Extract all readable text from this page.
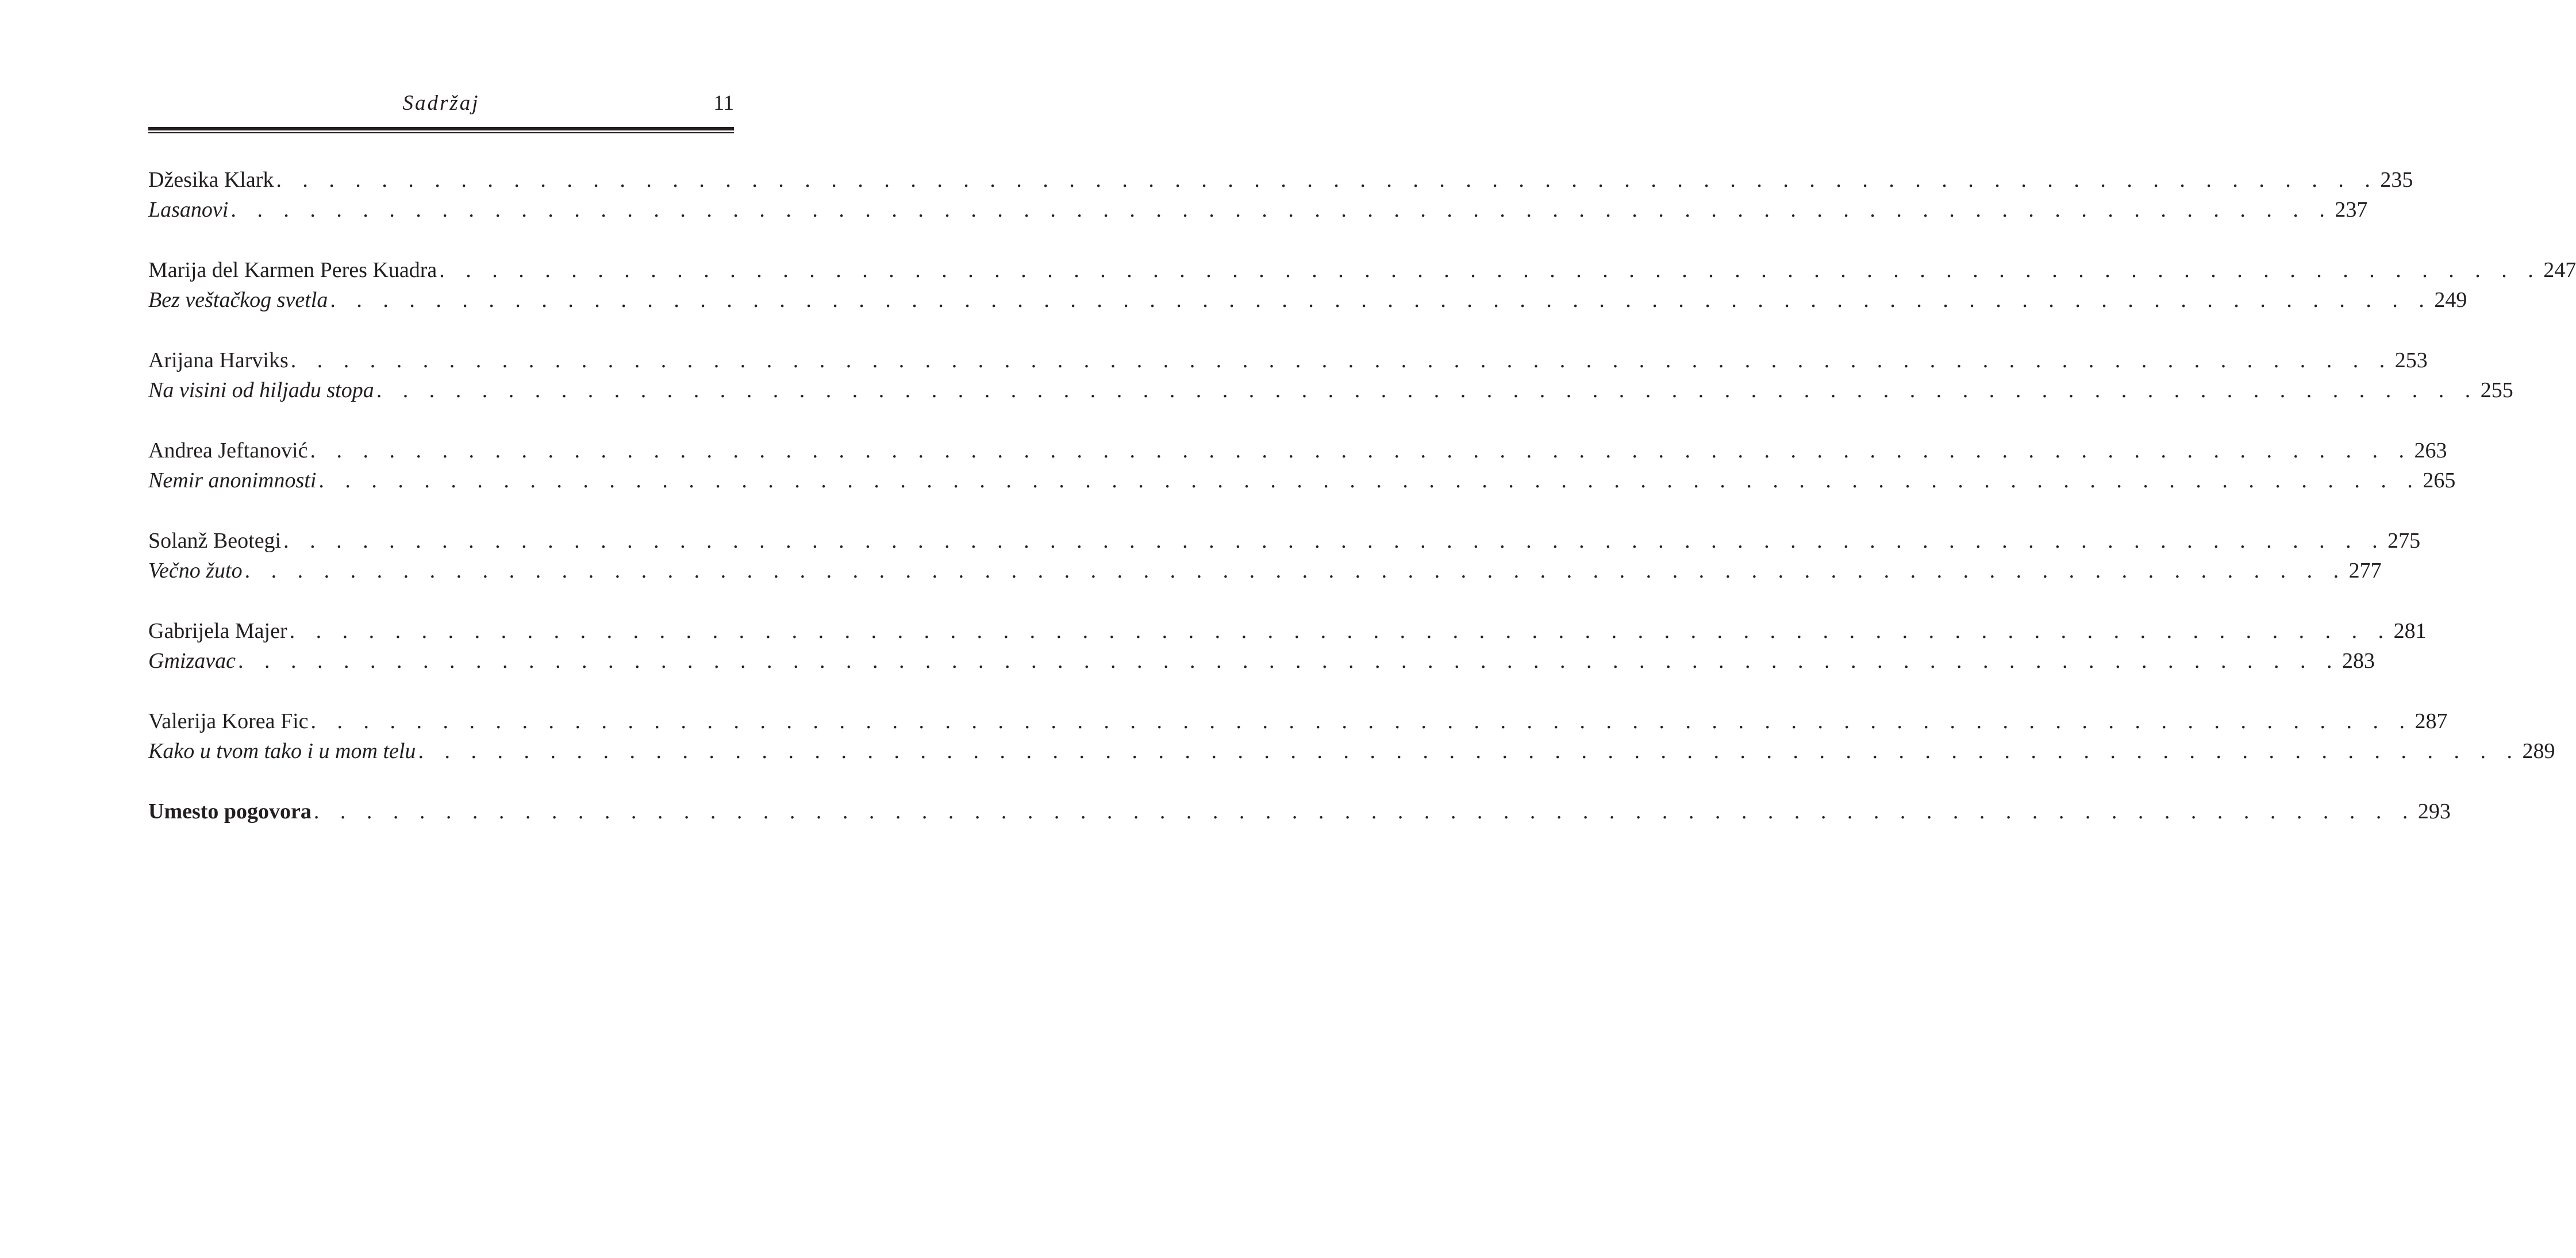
Sadržaj	11
Džesika Klark . . . . . . . . . . . . . . . . . . . . . . . . . . . . . . . . . . . . . . . . . . . . . . . . . . . . . . . . . . . . . . . . . . . . . . . . . . . . . . . . 235
Lasanovi . . . . . . . . . . . . . . . . . . . . . . . . . . . . . . . . . . . . . . . . . . . . . . . . . . . . . . . . . . . . . . . . . . . . . . . . . . . . . . . . 237
Marija del Karmen Peres Kuadra . . . . . . . . . . . . . . . . . . . . . . . . . . . . . . . . . . . . . . . . . . . . . . . . . . . . . . . . . . . . . . . . . . . . . . . . . . . . . . . . 247
Bez veštačkog svetla . . . . . . . . . . . . . . . . . . . . . . . . . . . . . . . . . . . . . . . . . . . . . . . . . . . . . . . . . . . . . . . . . . . . . . . . . . . . . . . . 249
Arijana Harviks . . . . . . . . . . . . . . . . . . . . . . . . . . . . . . . . . . . . . . . . . . . . . . . . . . . . . . . . . . . . . . . . . . . . . . . . . . . . . . . . 253
Na visini od hiljadu stopa . . . . . . . . . . . . . . . . . . . . . . . . . . . . . . . . . . . . . . . . . . . . . . . . . . . . . . . . . . . . . . . . . . . . . . . . . . . . . . . . 255
Andrea Jeftanović . . . . . . . . . . . . . . . . . . . . . . . . . . . . . . . . . . . . . . . . . . . . . . . . . . . . . . . . . . . . . . . . . . . . . . . . . . . . . . . . 263
Nemir anonimnosti . . . . . . . . . . . . . . . . . . . . . . . . . . . . . . . . . . . . . . . . . . . . . . . . . . . . . . . . . . . . . . . . . . . . . . . . . . . . . . . . 265
Solanž Beotegi . . . . . . . . . . . . . . . . . . . . . . . . . . . . . . . . . . . . . . . . . . . . . . . . . . . . . . . . . . . . . . . . . . . . . . . . . . . . . . . . 275
Večno žuto . . . . . . . . . . . . . . . . . . . . . . . . . . . . . . . . . . . . . . . . . . . . . . . . . . . . . . . . . . . . . . . . . . . . . . . . . . . . . . . . 277
Gabrijela Majer . . . . . . . . . . . . . . . . . . . . . . . . . . . . . . . . . . . . . . . . . . . . . . . . . . . . . . . . . . . . . . . . . . . . . . . . . . . . . . . . 281
Gmizavac . . . . . . . . . . . . . . . . . . . . . . . . . . . . . . . . . . . . . . . . . . . . . . . . . . . . . . . . . . . . . . . . . . . . . . . . . . . . . . . . 283
Valerija Korea Fic . . . . . . . . . . . . . . . . . . . . . . . . . . . . . . . . . . . . . . . . . . . . . . . . . . . . . . . . . . . . . . . . . . . . . . . . . . . . . . . . 287
Kako u tvom tako i u mom telu . . . . . . . . . . . . . . . . . . . . . . . . . . . . . . . . . . . . . . . . . . . . . . . . . . . . . . . . . . . . . . . . . . . . . . . . . . . . . . . . 289
Umesto pogovora . . . . . . . . . . . . . . . . . . . . . . . . . . . . . . . . . . . . . . . . . . . . . . . . . . . . . . . . . . . . . . . . . . . . . . . . . . . . . . . . 293
